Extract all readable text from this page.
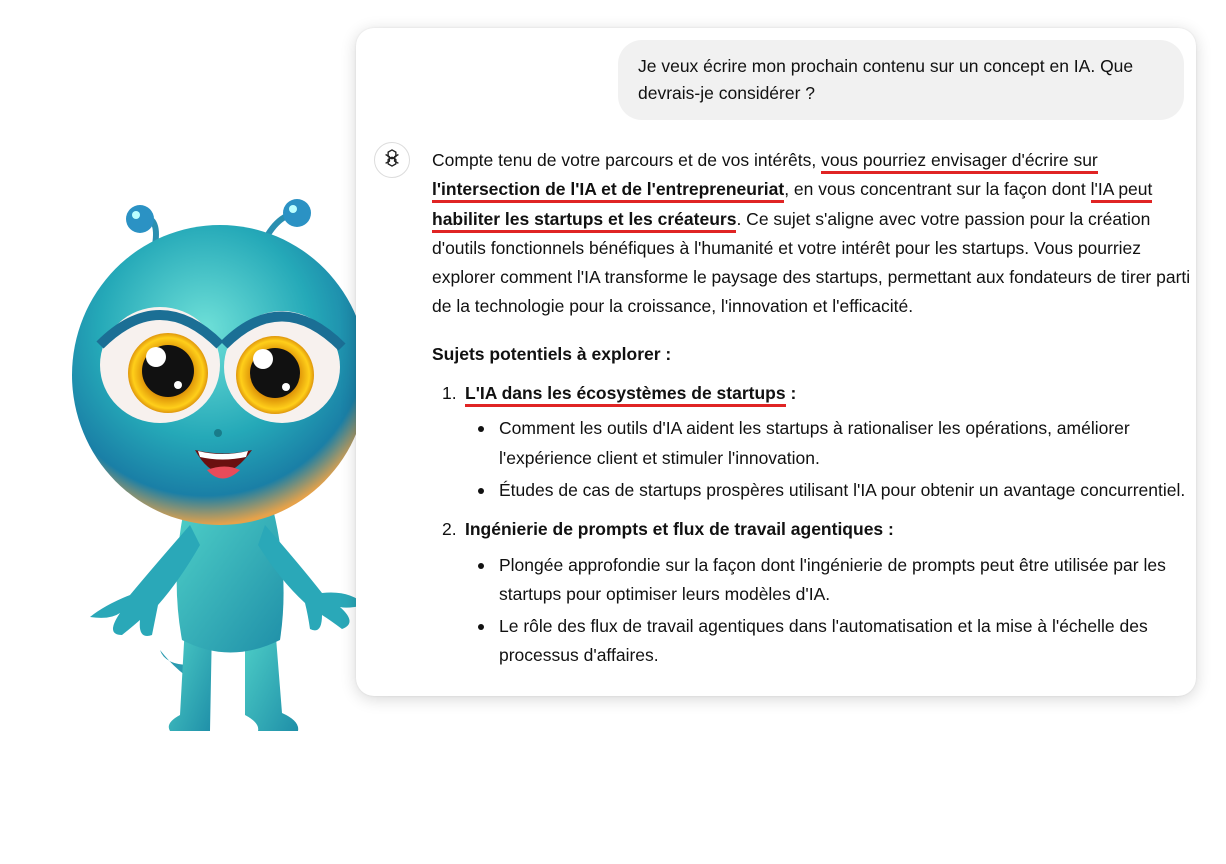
Je veux écrire mon prochain contenu sur un concept en IA. Que devrais-je considérer ?

Compte tenu de votre parcours et de vos intérêts, vous pourriez envisager d'écrire sur l'intersection de l'IA et de l'entrepreneuriat, en vous concentrant sur la façon dont l'IA peut habiliter les startups et les créateurs. Ce sujet s'aligne avec votre passion pour la création d'outils fonctionnels bénéfiques à l'humanité et votre intérêt pour les startups. Vous pourriez explorer comment l'IA transforme le paysage des startups, permettant aux fondateurs de tirer parti de la technologie pour la croissance, l'innovation et l'efficacité.

Sujets potentiels à explorer :
1. L'IA dans les écosystèmes de startups :
Comment les outils d'IA aident les startups à rationaliser les opérations, améliorer l'expérience client et stimuler l'innovation.
Études de cas de startups prospères utilisant l'IA pour obtenir un avantage concurrentiel.
2. Ingénierie de prompts et flux de travail agentiques :
Plongée approfondie sur la façon dont l'ingénierie de prompts peut être utilisée par les startups pour optimiser leurs modèles d'IA.
Le rôle des flux de travail agentiques dans l'automatisation et la mise à l'échelle des processus d'affaires.
